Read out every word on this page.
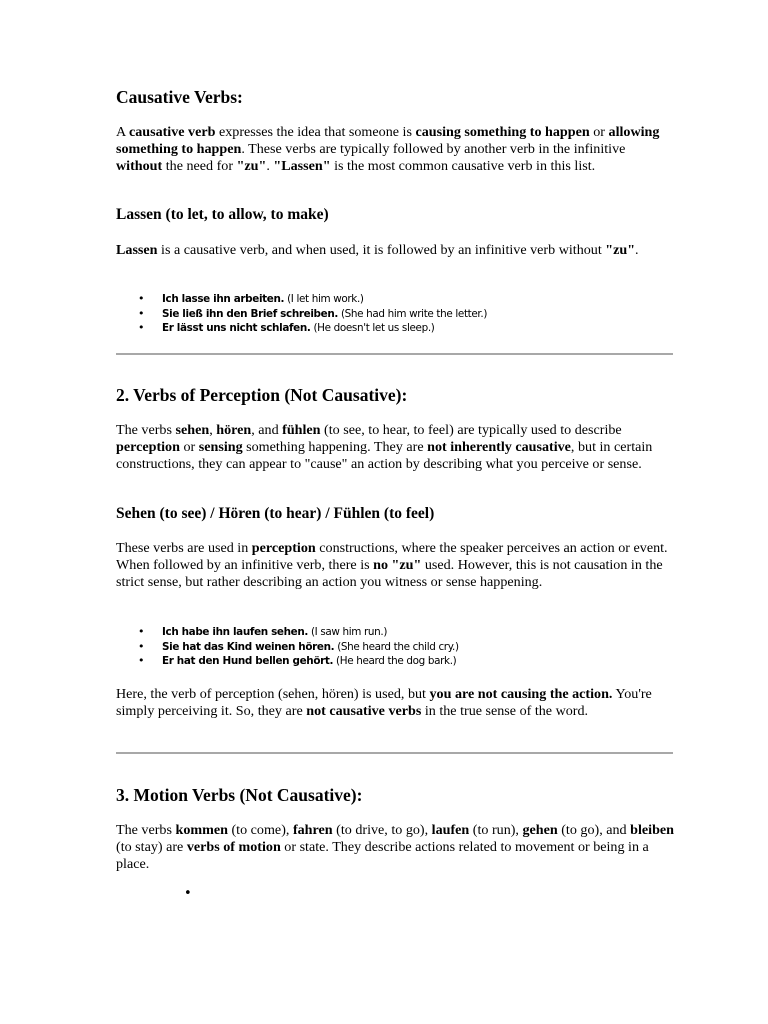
Causative Verbs:

A causative verb expresses the idea that someone is causing something to happen or allowing something to happen. These verbs are typically followed by another verb in the infinitive without the need for "zu". "Lassen" is the most common causative verb in this list.

Lassen (to let, to allow, to make)

Lassen is a causative verb, and when used, it is followed by an infinitive verb without "zu".

• Ich lasse ihn arbeiten. (I let him work.)
• Sie ließ ihn den Brief schreiben. (She had him write the letter.)
• Er lässt uns nicht schlafen. (He doesn't let us sleep.)
2. Verbs of Perception (Not Causative):

The verbs sehen, hören, and fühlen (to see, to hear, to feel) are typically used to describe perception or sensing something happening. They are not inherently causative, but in certain constructions, they can appear to "cause" an action by describing what you perceive or sense.

Sehen (to see) / Hören (to hear) / Fühlen (to feel)

These verbs are used in perception constructions, where the speaker perceives an action or event. When followed by an infinitive verb, there is no "zu" used. However, this is not causation in the strict sense, but rather describing an action you witness or sense happening.

• Ich habe ihn laufen sehen. (I saw him run.)
• Sie hat das Kind weinen hören. (She heard the child cry.)
• Er hat den Hund bellen gehört. (He heard the dog bark.)

Here, the verb of perception (sehen, hören) is used, but you are not causing the action. You're simply perceiving it. So, they are not causative verbs in the true sense of the word.

3. Motion Verbs (Not Causative):

The verbs kommen (to come), fahren (to drive, to go), laufen (to run), gehen (to go), and bleiben (to stay) are verbs of motion or state. They describe actions related to movement or being in a place.

•
